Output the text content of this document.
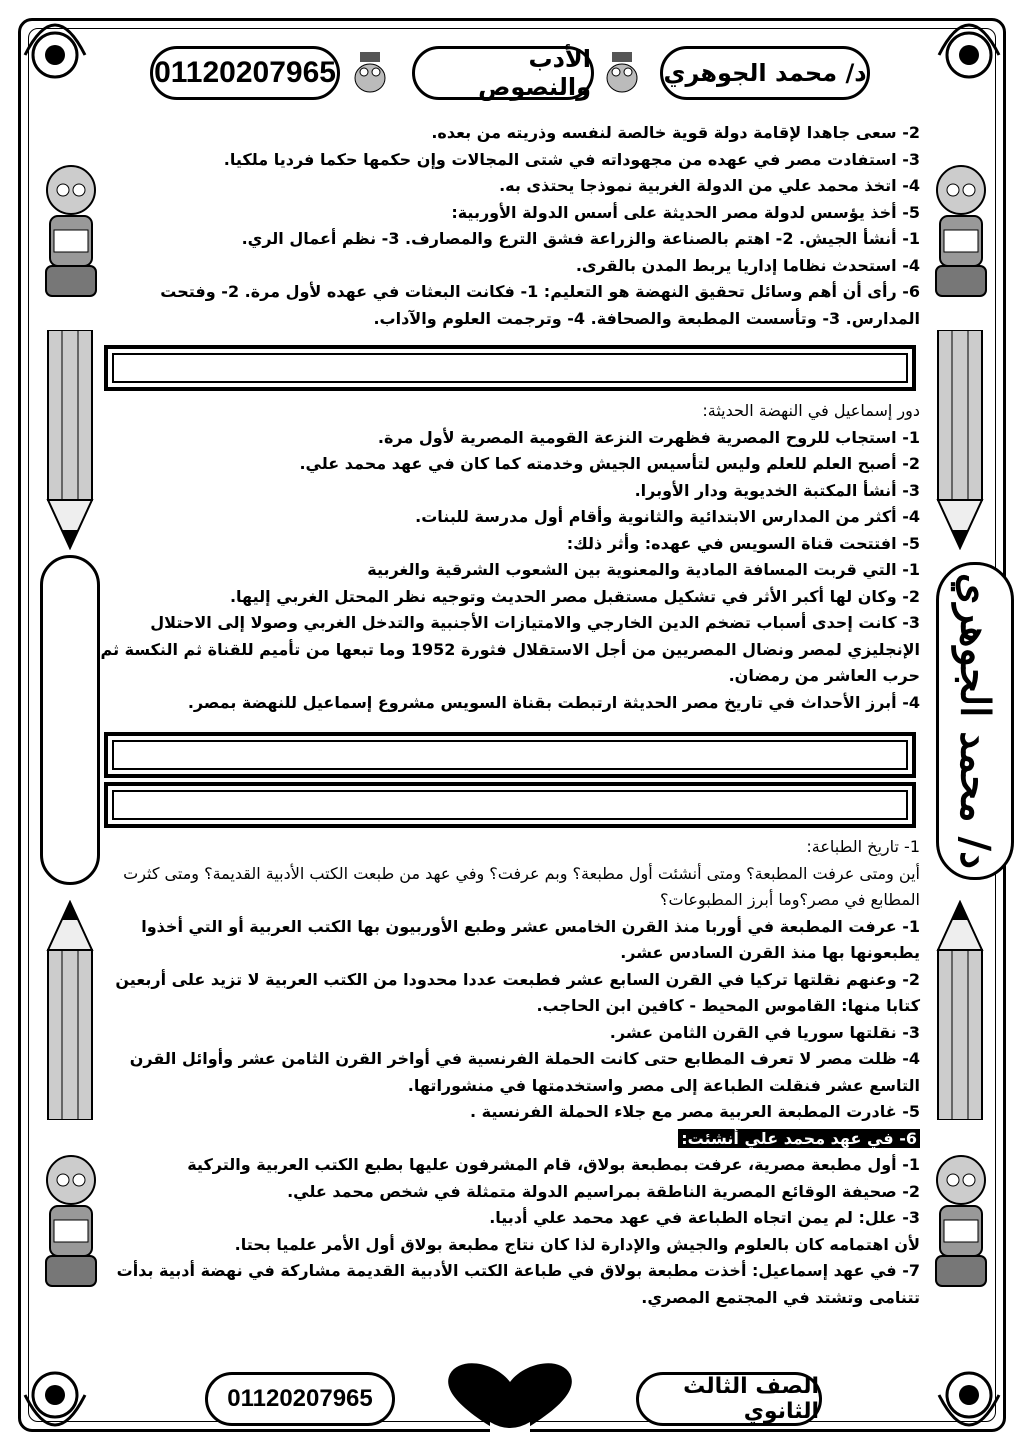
01120207965	الأدب والنصوص	د/ محمد الجوهري
د/ محمد الجوهري

2- سعى جاهدا لإقامة دولة قوية خالصة لنفسه وذريته من بعده.

3- استفادت مصر في عهده من مجهوداته في شتى المجالات وإن حكمها حكما فرديا ملكيا.

4- اتخذ محمد علي من الدولة الغربية نموذجا يحتذى به.

5- أخذ يؤسس لدولة مصر الحديثة على أسس الدولة الأوربية:

1- أنشأ الجيش. 2- اهتم بالصناعة والزراعة فشق الترع والمصارف. 3- نظم أعمال الري.

4- استحدث نظاما إداريا يربط المدن بالقرى.

6- رأى أن أهم وسائل تحقيق النهضة هو التعليم: 1- فكانت البعثات في عهده لأول مرة. 2- وفتحت المدارس. 3- وتأسست المطبعة والصحافة. 4- وترجمت العلوم والآداب.

دور إسماعيل في النهضة الحديثة:

1- استجاب للروح المصرية فظهرت النزعة القومية المصرية لأول مرة.

2- أصبح العلم للعلم وليس لتأسيس الجيش وخدمته كما كان في عهد محمد علي.

3- أنشأ المكتبة الخديوية ودار الأوبرا.

4- أكثر من المدارس الابتدائية والثانوية وأقام أول مدرسة للبنات.

5- افتتحت قناة السويس في عهده: وأثر ذلك:

1- التي قربت المسافة المادية والمعنوية بين الشعوب الشرقية والغربية

2- وكان لها أكبر الأثر في تشكيل مستقبل مصر الحديث وتوجيه نظر المحتل الغربي إليها.

3- كانت إحدى أسباب تضخم الدين الخارجي والامتيازات الأجنبية والتدخل الغربي وصولا إلى الاحتلال الإنجليزي لمصر ونضال المصريين من أجل الاستقلال فثورة 1952 وما تبعها من تأميم للقناة ثم النكسة ثم حرب العاشر من رمضان.

4- أبرز الأحداث في تاريخ مصر الحديثة ارتبطت بقناة السويس مشروع إسماعيل للنهضة بمصر.

1- تاريخ الطباعة:

أين ومتى عرفت المطبعة؟ ومتى أنشئت أول مطبعة؟ وبم عرفت؟ وفي عهد من طبعت الكتب الأدبية القديمة؟ ومتى كثرت المطابع في مصر؟وما أبرز المطبوعات؟

1- عرفت المطبعة في أوربا منذ القرن الخامس عشر وطبع الأوربيون بها الكتب العربية أو التي أخذوا يطبعونها بها منذ القرن السادس عشر.

2- وعنهم نقلتها تركيا في القرن السابع عشر فطبعت عددا محدودا من الكتب العربية لا تزيد على أربعين كتابا منها: القاموس المحيط - كافين ابن الحاجب.

3- نقلتها سوريا في القرن الثامن عشر.

4- ظلت مصر لا تعرف المطابع حتى كانت الحملة الفرنسية في أواخر القرن الثامن عشر وأوائل القرن التاسع عشر فنقلت الطباعة إلى مصر واستخدمتها في منشوراتها.

5- غادرت المطبعة العربية مصر مع جلاء الحملة الفرنسية .

6- في عهد محمد علي أنشئت:

1- أول مطبعة مصرية، عرفت بمطبعة بولاق، قام المشرفون عليها بطبع الكتب العربية والتركية

2- صحيفة الوقائع المصرية الناطقة بمراسيم الدولة متمثلة في شخص محمد علي.

3- علل: لم يمن اتجاه الطباعة في عهد محمد علي أدبيا.

لأن اهتمامه كان بالعلوم والجيش والإدارة لذا كان نتاج مطبعة بولاق أول الأمر علميا بحتا.

7- في عهد إسماعيل: أخذت مطبعة بولاق في طباعة الكتب الأدبية القديمة مشاركة في نهضة أدبية بدأت تتنامى وتشتد في المجتمع المصري.

01120207965
3
الصف الثالث الثانوي
